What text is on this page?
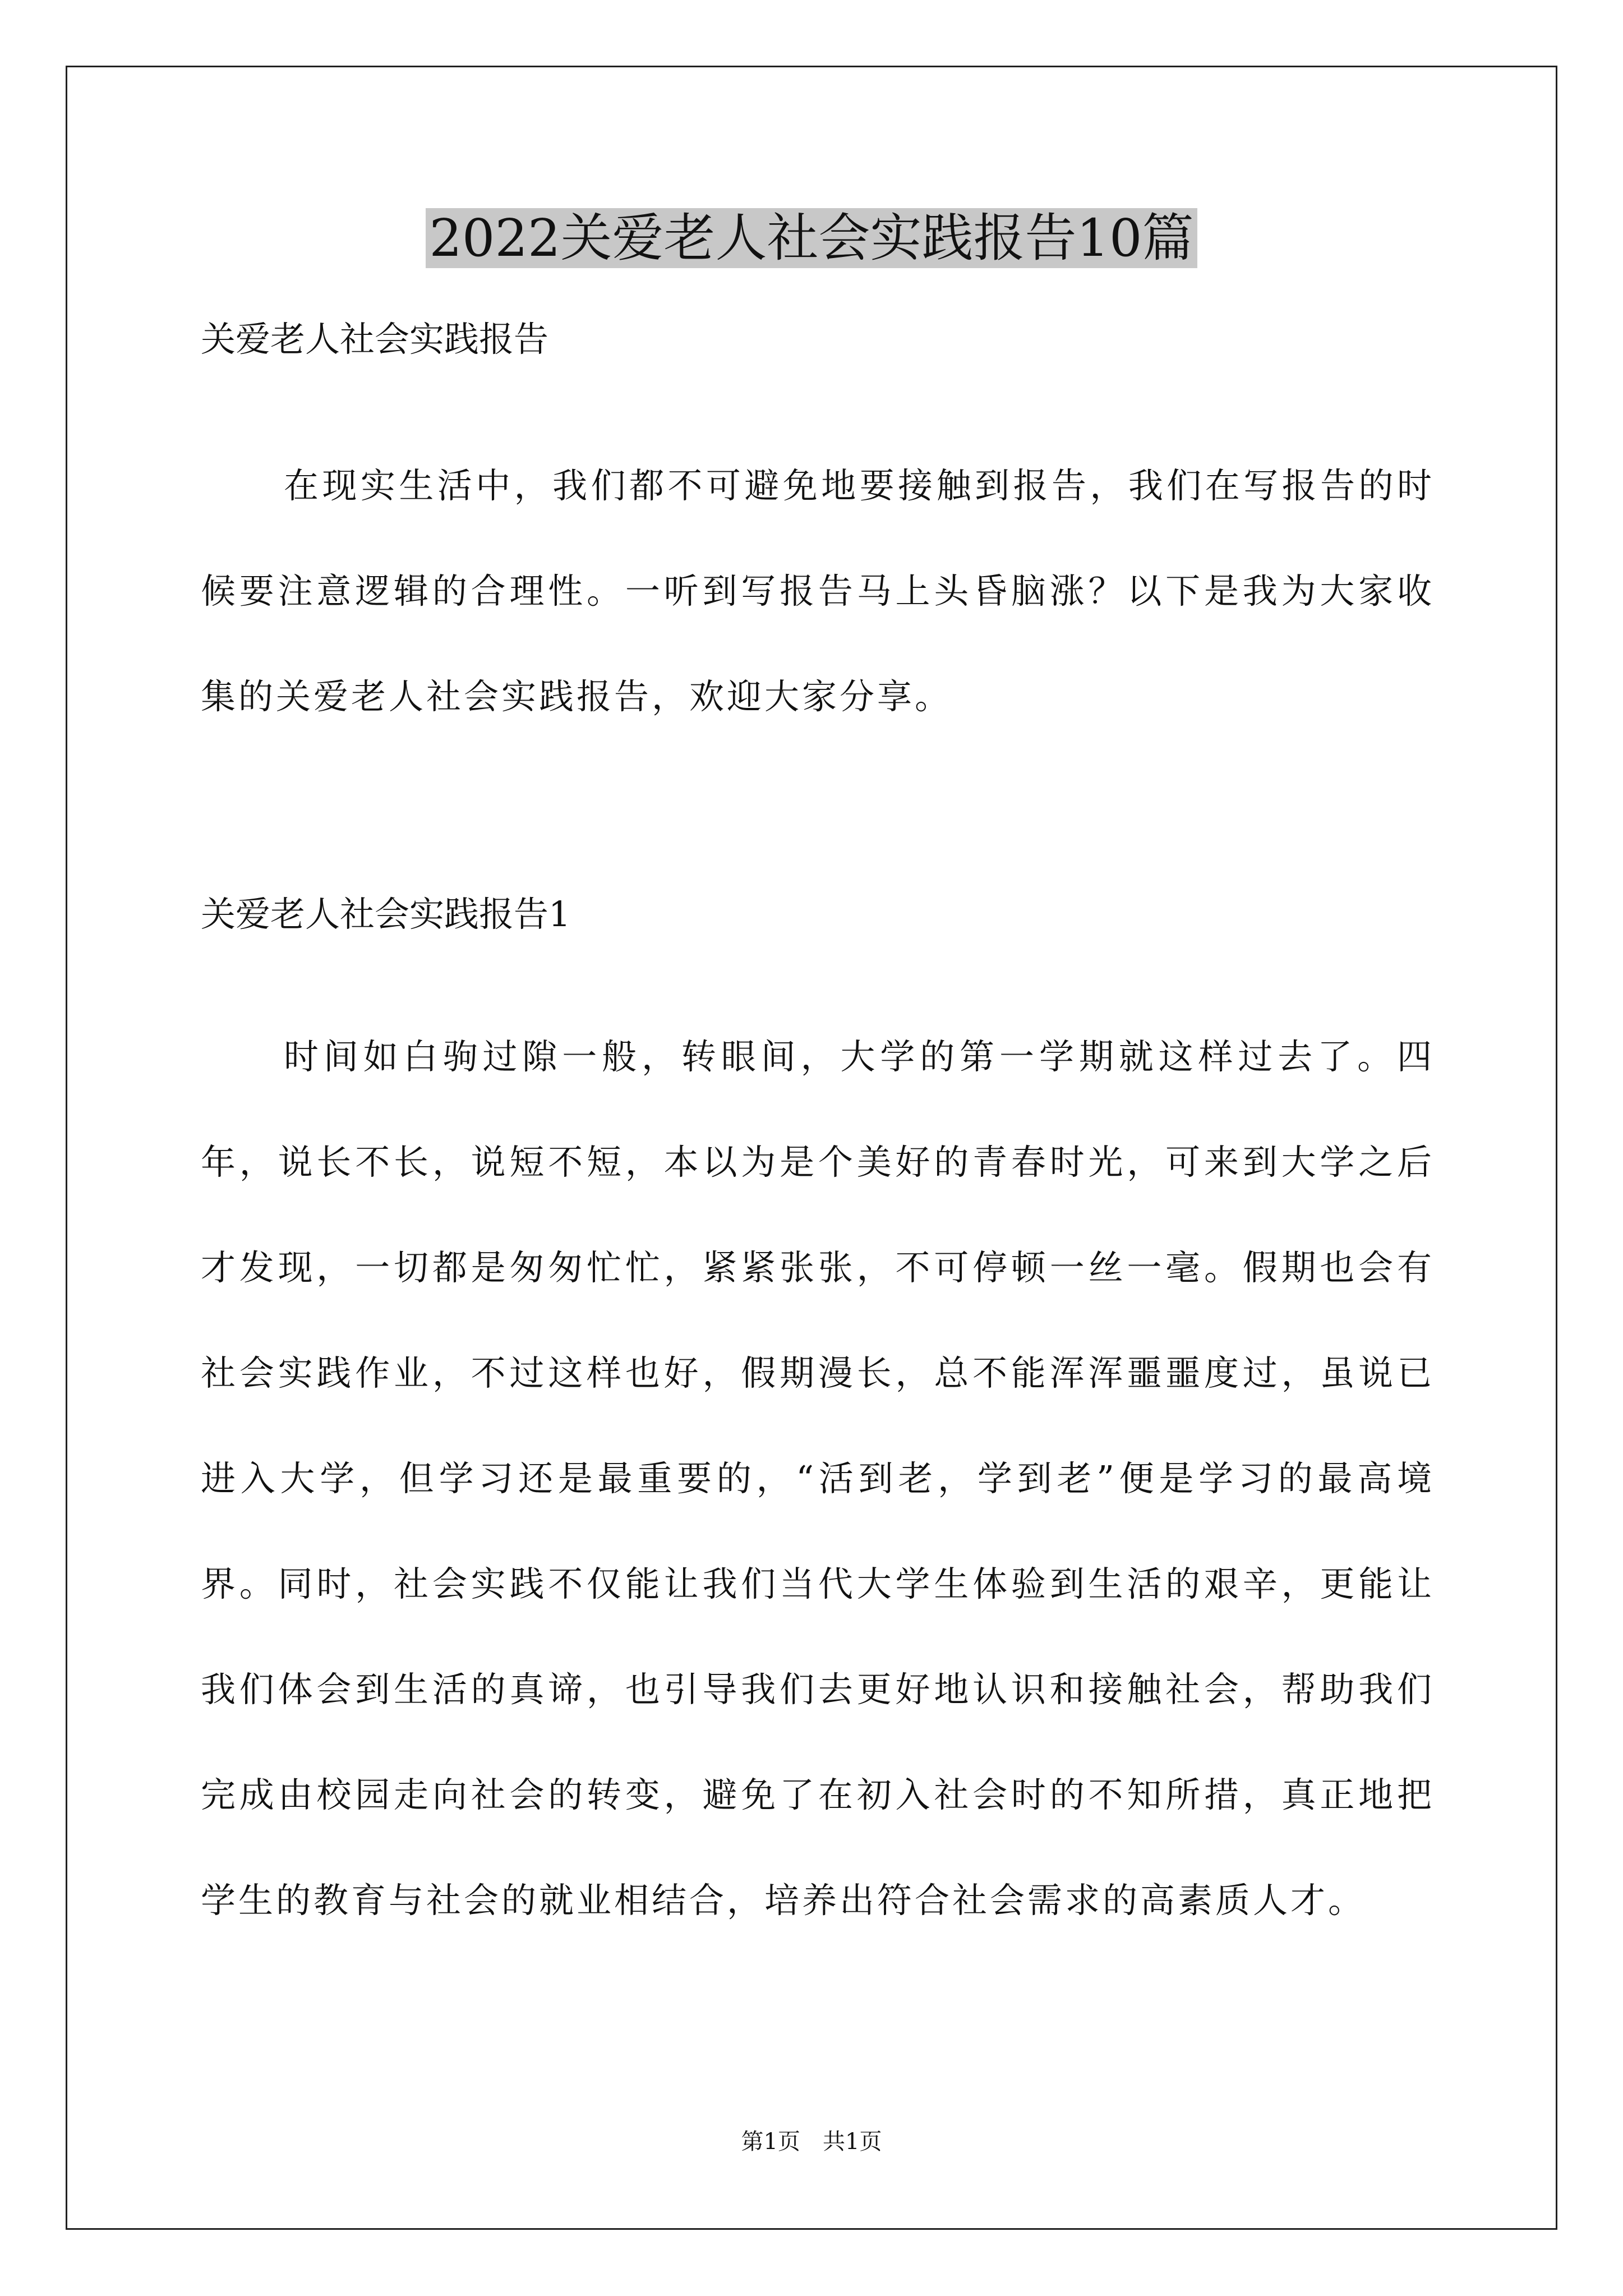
2022关爱老人社会实践报告10篇
关爱老人社会实践报告
在现实生活中，我们都不可避免地要接触到报告，我们在写报告的时候要注意逻辑的合理性。一听到写报告马上头昏脑涨？以下是我为大家收集的关爱老人社会实践报告，欢迎大家分享。
关爱老人社会实践报告1
时间如白驹过隙一般，转眼间，大学的第一学期就这样过去了。四年，说长不长，说短不短，本以为是个美好的青春时光，可来到大学之后才发现，一切都是匆匆忙忙，紧紧张张，不可停顿一丝一毫。假期也会有社会实践作业，不过这样也好，假期漫长，总不能浑浑噩噩度过，虽说已进入大学，但学习还是最重要的，“活到老，学到老”便是学习的最高境界。同时，社会实践不仅能让我们当代大学生体验到生活的艰辛，更能让我们体会到生活的真谛，也引导我们去更好地认识和接触社会，帮助我们完成由校园走向社会的转变，避免了在初入社会时的不知所措，真正地把学生的教育与社会的就业相结合，培养出符合社会需求的高素质人才。
第1页　共1页
